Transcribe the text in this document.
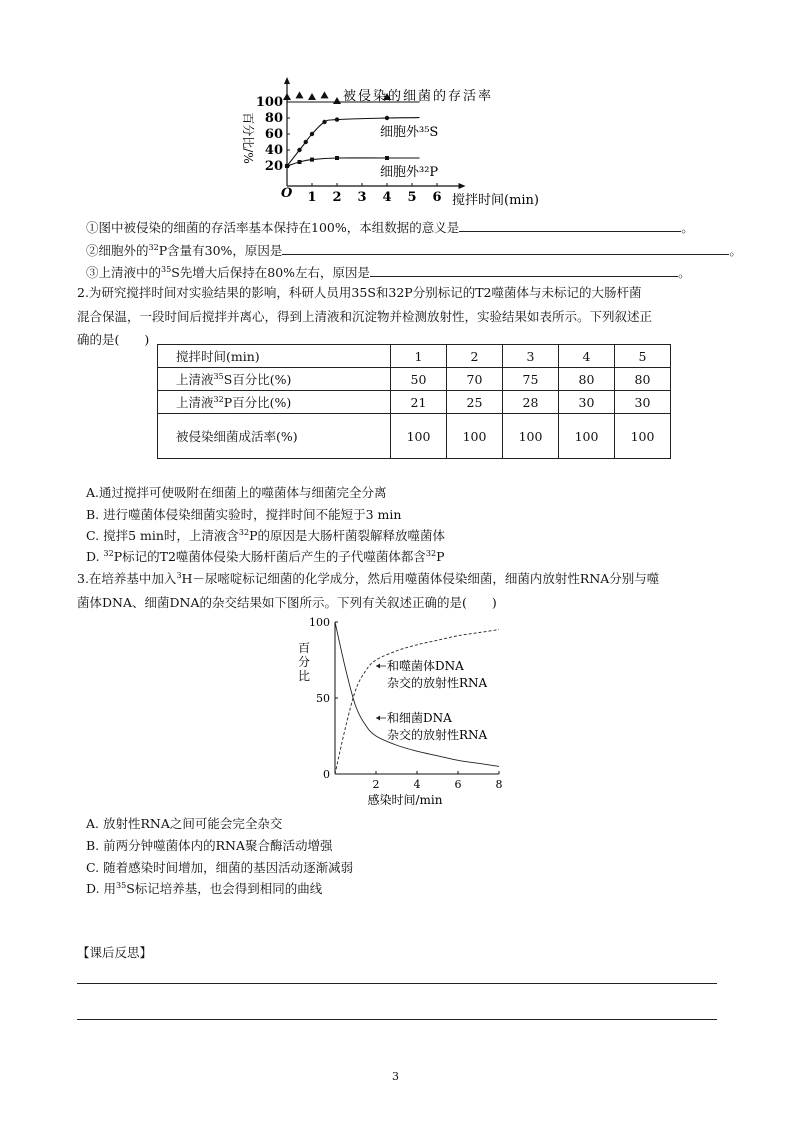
20
40
60
80
100
1 2 3 4 5 6
百分比/%
O	搅拌时间(min)
被侵染的细菌的存活率
细胞外³⁵S
细胞外³²P
①图中被侵染的细菌的存活率基本保持在100%，本组数据的意义是	。
②细胞外的$^{32}$P含量有30%，原因是	。
③上清液中的$^{35}$S先增大后保持在80%左右，原因是	。
2.为研究搅拌时间对实验结果的影响，科研人员用35S和32P分别标记的T2噬菌体与未标记的大肠杆菌
混合保温，一段时间后搅拌并离心，得到上清液和沉淀物并检测放射性，实验结果如表所示。下列叙述正
确的是(　　)
搅拌时间(min)	1	2	3	4	5
上清液$^{35}$S百分比(%)	50	70	75	80	80
上清液$^{32}$P百分比(%)	21	25	28	30	30
被侵染细菌成活率(%)	100	100	100	100	100
A.通过搅拌可使吸附在细菌上的噬菌体与细菌完全分离
B. 进行噬菌体侵染细菌实验时，搅拌时间不能短于3 min
C. 搅拌5 min时，上清液含$^{32}$P的原因是大肠杆菌裂解释放噬菌体
D. $^{32}$P标记的T2噬菌体侵染大肠杆菌后产生的子代噬菌体都含$^{32}$P
3.在培养基中加入$^3$H－尿嘧啶标记细菌的化学成分，然后用噬菌体侵染细菌，细菌内放射性RNA分别与噬
菌体DNA、细菌DNA的杂交结果如下图所示。下列有关叙述正确的是(　　)
0
50
100
2	4	6	8
百 分 比
感染时间/min
和噬菌体DNA
杂交的放射性RNA
和细菌DNA
杂交的放射性RNA
A. 放射性RNA之间可能会完全杂交
B. 前两分钟噬菌体内的RNA聚合酶活动增强
C. 随着感染时间增加，细菌的基因活动逐渐减弱
D. 用$^{35}$S标记培养基，也会得到相同的曲线
【课后反思】
3
